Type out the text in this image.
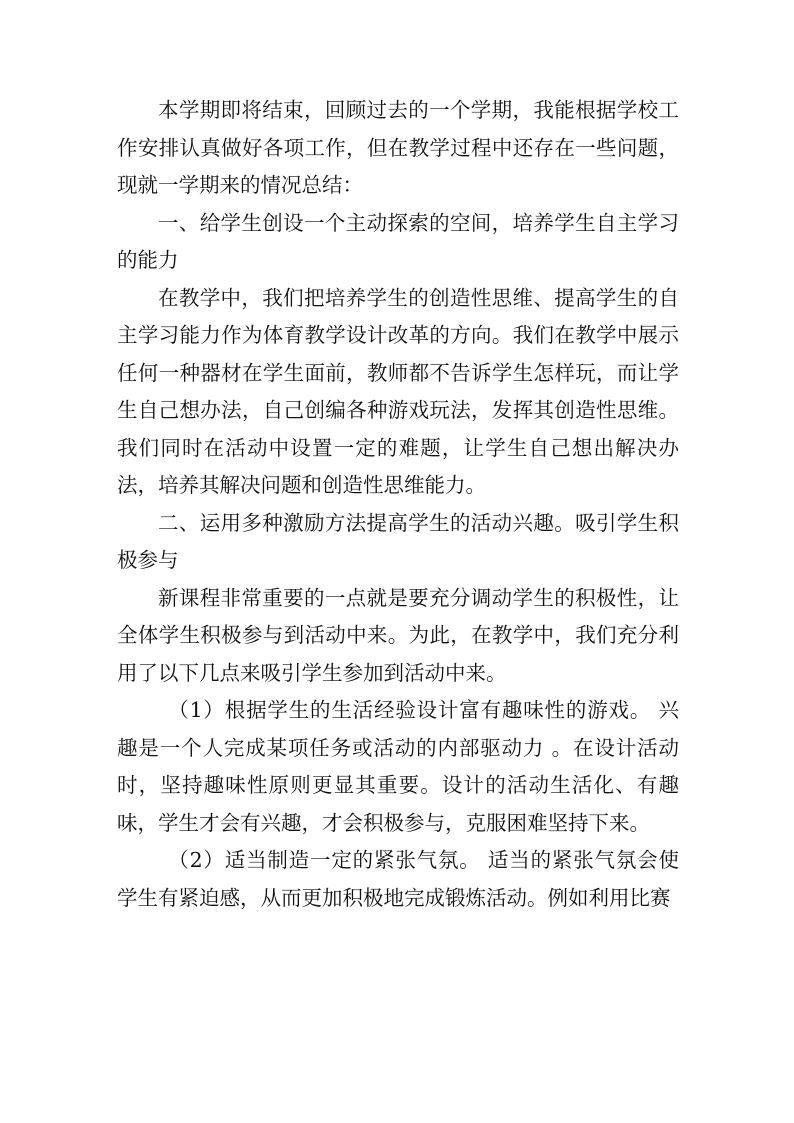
本学期即将结束，回顾过去的一个学期，我能根据学校工作安排认真做好各项工作，但在教学过程中还存在一些问题，现就一学期来的情况总结：

一、给学生创设一个主动探索的空间，培养学生自主学习的能力

在教学中，我们把培养学生的创造性思维、提高学生的自主学习能力作为体育教学设计改革的方向。我们在教学中展示任何一种器材在学生面前，教师都不告诉学生怎样玩，而让学生自己想办法，自己创编各种游戏玩法，发挥其创造性思维。我们同时在活动中设置一定的难题，让学生自己想出解决办法，培养其解决问题和创造性思维能力。

二、运用多种激励方法提高学生的活动兴趣。吸引学生积极参与

新课程非常重要的一点就是要充分调动学生的积极性，让全体学生积极参与到活动中来。为此，在教学中，我们充分利用了以下几点来吸引学生参加到活动中来。

（1）根据学生的生活经验设计富有趣味性的游戏。 兴趣是一个人完成某项任务或活动的内部驱动力 。在设计活动时，坚持趣味性原则更显其重要。设计的活动生活化、有趣味，学生才会有兴趣，才会积极参与，克服困难坚持下来。

（2）适当制造一定的紧张气氛。 适当的紧张气氛会使学生有紧迫感，从而更加积极地完成锻炼活动。例如利用比赛
